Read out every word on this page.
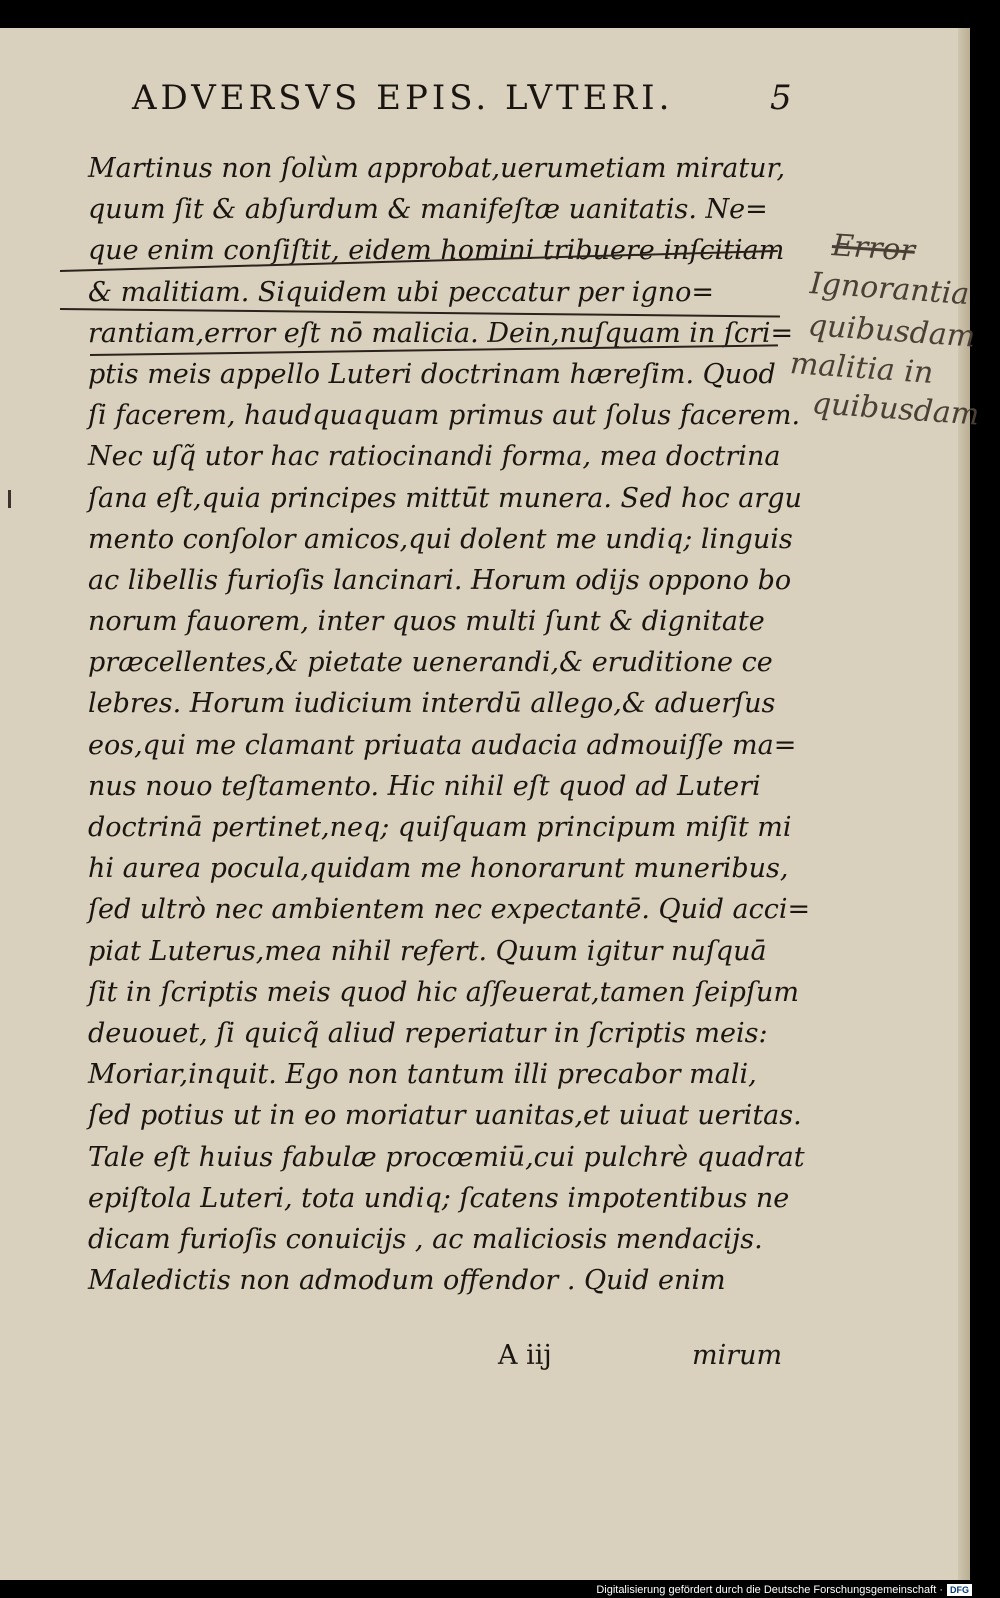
ADVERSVS EPIS. LVTERI.	5
Martinus non ſolùm approbat,uerumetiam miratur,
quum ſit & abſurdum & manifeſtæ uanitatis. Ne=
que enim conſiſtit, eidem homini tribuere inſcitiam
& malitiam. Siquidem ubi peccatur per igno=
rantiam,error eſt nō malicia. Dein,nuſquam in ſcri=
ptis meis appello Luteri doctrinam hæreſim. Quod
ſi facerem, haudquaquam primus aut ſolus facerem.
Nec uſq̃ utor hac ratiocinandi forma, mea doctrina
ſana eſt,quia principes mittūt munera. Sed hoc argu
mento conſolor amicos,qui dolent me undiq; linguis
ac libellis furioſis lancinari. Horum odijs oppono bo
norum fauorem, inter quos multi ſunt & dignitate
præcellentes,& pietate uenerandi,& eruditione ce
lebres. Horum iudicium interdū allego,& aduerſus
eos,qui me clamant priuata audacia admouiſſe ma=
nus nouo teſtamento. Hic nihil eſt quod ad Luteri
doctrinā pertinet,neq; quiſquam principum miſit mi
hi aurea pocula,quidam me honorarunt muneribus,
ſed ultrò nec ambientem nec expectantē. Quid acci=
piat Luterus,mea nihil refert. Quum igitur nuſquā
ſit in ſcriptis meis quod hic aſſeuerat,tamen ſeipſum
deuouet, ſi quicq̃ aliud reperiatur in ſcriptis meis:
Moriar,inquit. Ego non tantum illi precabor mali,
ſed potius ut in eo moriatur uanitas,et uiuat ueritas.
Tale eſt huius fabulæ procœmiū,cui pulchrè quadrat
epiſtola Luteri, tota undiq; ſcatens impotentibus ne
dicam furioſis conuicijs , ac maliciosis mendacijs.
Maledictis non admodum offendor . Quid enim
A iij	mirum
Error
Ignorantia
quibusdam
malitia in
quibusdam
Digitalisierung gefördert durch die Deutsche Forschungsgemeinschaft · DFG
